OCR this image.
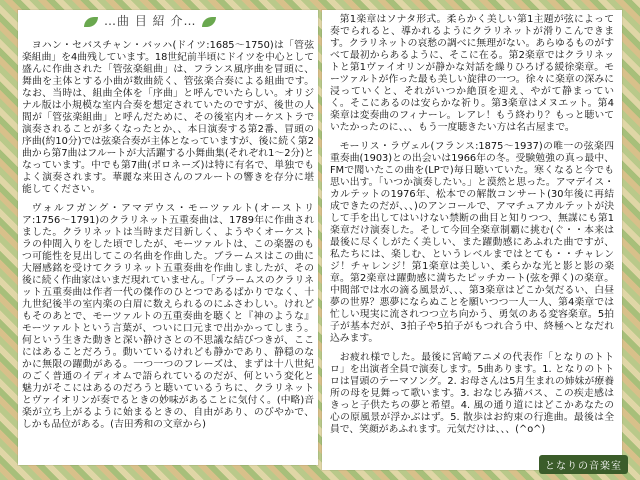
…曲 目 紹 介…

ヨハン・セバスチャン・バッハ(ドイツ:1685〜1750)は「管弦楽組曲」を4曲残しています。18世紀前半頃にドイツを中心として盛んに作曲された「管弦楽組曲」は、フランス風序曲を冒頭に、舞曲を主体とする小曲が数曲続く、管弦楽合奏による組曲です。なお、当時は、組曲全体を「序曲」と呼んでいたらしい。オリジナル版は小規模な室内合奏を想定されていたのですが、後世の人間が「管弦楽組曲」と呼んだために、その後室内オーケストラで演奏されることが多くなったとか、、本日演奏する第2番、冒頭の序曲(約10分)では弦楽合奏が主体となっていますが、後に続く第2曲から第7曲はフルートが大活躍する小舞曲集(それぞれ1〜2分)となっています。中でも第7曲(ポロネーズ)は特に有名で、単独でもよく演奏されます。華麗な来田さんのフルートの響きを存分に堪能してください。

ヴォルフガング・アマデウス・モーツァルト(オーストリア:1756〜1791)のクラリネット五重奏曲は、1789年に作曲されました。クラリネットは当時まだ目新しく、ようやくオーケストラの仲間入りをした頃でしたが、モーツァルトは、この楽器のもつ可能性を見出してこの名曲を作曲した。ブラームスはこの曲に大層感銘を受けてクラリネット五重奏曲を作曲しましたが、その後に続く作曲家はいまだ現れていません。「ブラームスのクラリネット五重奏曲は作者一代の傑作のひとつであるばかりでなく、十九世紀後半の室内楽の白眉に数えられるのにふさわしい。けれどもそのあとで、モーツァルトの五重奏曲を聴くと『神のような』モーツァルトという言葉が、ついに口元まで出かかってしまう。何という生きた動きと深い静けさとの不思議な結びつきが、ここにはあることだろう。動いているけれども静かであり、静穏のなかに無限の躍動がある。一つ一つのフレーズは、まずは十八世紀のごく普通のイディオムで語られているのだが、何という変化と魅力がそこにはあるのだろうと聴いているうちに、クラリネットとヴァイオリンが奏でるときの妙味があることに気付く。(中略)音楽が立ち上がるように始まるときの、自由があり、のびやかで、しかも品位がある。(吉田秀和の文章から)

第1楽章はソナタ形式。柔らかく美しい第1主題が弦によって奏でられると、導かれるようにクラリネットが滑りこんできます。クラリネットの哀愁の調べに無理がない。あらゆるものがすべて最初からあるように、そこに在る。第2楽章ではクラリネットと第1ヴァイオリンが静かな対話を繰りひろげる緩徐楽章。モーツァルトが作った最も美しい旋律の一つ。徐々に楽章の深みに浸っていくと、それがいつか絶頂を迎え、やがて静まっていく。そこにあるのは安らかな祈り。第3楽章はメヌエット。第4楽章は変奏曲のフィナーレ。レアレ！もう終わり？もっと聴いていたかったのに、、、もう一度聴きたい方は名古屋まで。

モーリス・ラヴェル(フランス:1875〜1937)の唯一の弦楽四重奏曲(1903)との出会いは1966年の冬。受験勉強の真っ最中、FMで聞いたこの曲を(LPで)毎日聴いていた。寒くなると今でも思い出す。「いつか演奏したい。」と漠然と思った。アマデイス・カルテットの1976年、松本での解散コンサート(30年後に再結成できたのだが、、、)のアンコールで、アマチュアカルテットが決して手を出してはいけない禁断の曲目と知りつつ、無謀にも第1楽章だけ演奏した。そして今回全楽章制覇に挑む(ぐ・・本来は最後に尽くしがたく美しい、また躍動感にあふれた曲ですが、私たちには、楽しむ、というレベルまではとても・・チャレンジ！チャレンジ！第1楽章は美しい、柔らかな光と影と影の楽章。第2楽章は躍動感に満ちたピッチカート(弦を弾く)の楽章。中間部では水の滴る風景が、、、第3楽章はどこか気だるい、白昼夢の世界？悪夢にならぬことを願いつつ一人一人、第4楽章では忙しい現実に流されつつ立ち向かう、勇気のある変容楽章。5拍子が基本だが、3拍子や5拍子がもつれ合う中、終極へとなだれ込みます。

お疲れ様でした。最後に宮崎アニメの代表作「となりのトトロ」を出演者全員で演奏します。5曲あります。1. となりのトトロは冒頭のテーマソング。2. お母さんは5月生まれの姉妹が療養所の母を見舞って歌います。3. おなじみ猫バス、この疾走感はきっと子供たちの夢と希望。4. 風の通り道にはどこかあなたの心の原風景が浮かぶはず。5. 散歩はお約束の行進曲。最後は全員で、笑顔があふれます。元気だけは、、、(^o^)

となりの音楽室
